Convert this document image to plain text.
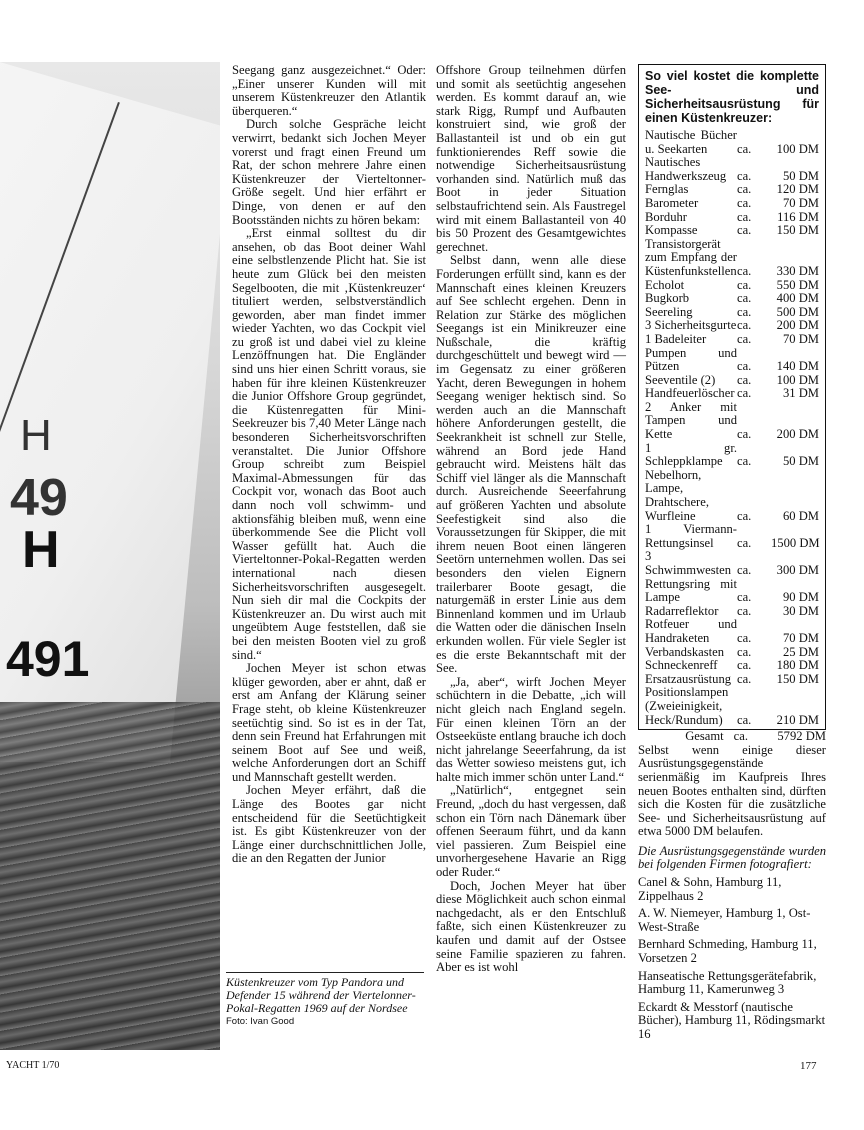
H
49
H
491

Seegang ganz ausgezeichnet.“ Oder: „Einer unserer Kunden will mit unserem Küstenkreuzer den Atlantik überqueren.“

Durch solche Gespräche leicht verwirrt, bedankt sich Jochen Meyer vorerst und fragt einen Freund um Rat, der schon mehrere Jahre einen Küstenkreuzer der Vierteltonner-Größe segelt. Und hier erfährt er Dinge, von denen er auf den Bootsständen nichts zu hören bekam:

„Erst einmal solltest du dir ansehen, ob das Boot deiner Wahl eine selbstlenzende Plicht hat. Sie ist heute zum Glück bei den meisten Segelbooten, die mit ‚Küstenkreuzer‘ tituliert werden, selbstverständlich geworden, aber man findet immer wieder Yachten, wo das Cockpit viel zu groß ist und dabei viel zu kleine Lenzöffnungen hat. Die Engländer sind uns hier einen Schritt voraus, sie haben für ihre kleinen Küstenkreuzer die Junior Offshore Group gegründet, die Küstenregatten für Mini-Seekreuzer bis 7,40 Meter Länge nach besonderen Sicherheitsvorschriften veranstaltet. Die Junior Offshore Group schreibt zum Beispiel Maximal-Abmessungen für das Cockpit vor, wonach das Boot auch dann noch voll schwimm- und aktionsfähig bleiben muß, wenn eine überkommende See die Plicht voll Wasser gefüllt hat. Auch die Vierteltonner-Pokal-Regatten werden international nach diesen Sicherheitsvorschriften ausgesegelt. Nun sieh dir mal die Cockpits der Küstenkreuzer an. Du wirst auch mit ungeübtem Auge feststellen, daß sie bei den meisten Booten viel zu groß sind.“

Jochen Meyer ist schon etwas klüger geworden, aber er ahnt, daß er erst am Anfang der Klärung seiner Frage steht, ob kleine Küstenkreuzer seetüchtig sind. So ist es in der Tat, denn sein Freund hat Erfahrungen mit seinem Boot auf See und weiß, welche Anforderungen dort an Schiff und Mannschaft gestellt werden.

Jochen Meyer erfährt, daß die Länge des Bootes gar nicht entscheidend für die Seetüchtigkeit ist. Es gibt Küstenkreuzer von der Länge einer durchschnittlichen Jolle, die an den Regatten der Junior

Küstenkreuzer vom Typ Pandora und Defender 15 während der Viertelonner-Pokal-Regatten 1969 auf der Nordsee
Foto: Ivan Good

Offshore Group teilnehmen dürfen und somit als seetüchtig angesehen werden. Es kommt darauf an, wie stark Rigg, Rumpf und Aufbauten konstruiert sind, wie groß der Ballastanteil ist und ob ein gut funktionierendes Reff sowie die notwendige Sicherheitsausrüstung vorhanden sind. Natürlich muß das Boot in jeder Situation selbstaufrichtend sein. Als Faustregel wird mit einem Ballastanteil von 40 bis 50 Prozent des Gesamtgewichtes gerechnet.

Selbst dann, wenn alle diese Forderungen erfüllt sind, kann es der Mannschaft eines kleinen Kreuzers auf See schlecht ergehen. Denn in Relation zur Stärke des möglichen Seegangs ist ein Minikreuzer eine Nußschale, die kräftig durchgeschüttelt und bewegt wird — im Gegensatz zu einer größeren Yacht, deren Bewegungen in hohem Seegang weniger hektisch sind. So werden auch an die Mannschaft höhere Anforderungen gestellt, die Seekrankheit ist schnell zur Stelle, während an Bord jede Hand gebraucht wird. Meistens hält das Schiff viel länger als die Mannschaft durch. Ausreichende Seeerfahrung auf größeren Yachten und absolute Seefestigkeit sind also die Voraussetzungen für Skipper, die mit ihrem neuen Boot einen längeren Seetörn unternehmen wollen. Das sei besonders den vielen Eignern trailerbarer Boote gesagt, die naturgemäß in erster Linie aus dem Binnenland kommen und im Urlaub die Watten oder die dänischen Inseln erkunden wollen. Für viele Segler ist es die erste Bekanntschaft mit der See.

„Ja, aber“, wirft Jochen Meyer schüchtern in die Debatte, „ich will nicht gleich nach England segeln. Für einen kleinen Törn an der Ostseeküste entlang brauche ich doch nicht jahrelange Seeerfahrung, da ist das Wetter sowieso meistens gut, ich halte mich immer schön unter Land.“

„Natürlich“, entgegnet sein Freund, „doch du hast vergessen, daß schon ein Törn nach Dänemark über offenen Seeraum führt, und da kann viel passieren. Zum Beispiel eine unvorhergesehene Havarie an Rigg oder Ruder.“

Doch, Jochen Meyer hat über diese Möglichkeit auch schon einmal nachgedacht, als er den Entschluß faßte, sich einen Küstenkreuzer zu kaufen und damit auf der Ostsee seine Familie spazieren zu fahren. Aber es ist wohl

So viel kostet die komplette See- und Sicherheitsausrüstung für einen Küstenkreuzer:
Nautische Bücher u. Seekarten	ca.	100 DM
Nautisches Handwerkszeug ca.	50 DM
Fernglas	ca.	120 DM
Barometer	ca.	70 DM
Borduhr	ca.	116 DM
Kompasse	ca.	150 DM
Transistorgerät zum Empfang der Küstenfunkstellen ca.	330 DM
Echolot	ca.	550 DM
Bugkorb	ca.	400 DM
Seereling	ca.	500 DM
3 Sicherheitsgurte ca.	200 DM
1 Badeleiter	ca.	70 DM
Pumpen und Pützen	ca.	140 DM
Seeventile (2)	ca.	100 DM
Handfeuerlöscher ca.	31 DM
2 Anker mit Tampen und Kette	ca.	200 DM
1 gr. Schleppklampe	ca.	50 DM
Nebelhorn, Lampe, Drahtschere, Wurfleine	ca.	60 DM
1 Viermann-Rettungsinsel	ca.	1500 DM
3 Schwimmwesten ca.	300 DM
Rettungsring mit Lampe	ca.	90 DM
Radarreflektor	ca.	30 DM
Rotfeuer und Handraketen	ca.	70 DM
Verbandskasten	ca.	25 DM
Schneckenreff	ca.	180 DM
Ersatzausrüstung ca.	150 DM
Positionslampen (Zweieinigkeit, Heck/Rundum)	ca.	210 DM
Gesamt ca.	5792 DM

Selbst wenn einige dieser Ausrüstungsgegenstände serienmäßig im Kaufpreis Ihres neuen Bootes enthalten sind, dürften sich die Kosten für die zusätzliche See- und Sicherheitsausrüstung auf etwa 5000 DM belaufen.

Die Ausrüstungsgegenstände wurden bei folgenden Firmen fotografiert:

Canel & Sohn, Hamburg 11, Zippelhaus 2

A. W. Niemeyer, Hamburg 1, Ost-West-Straße

Bernhard Schmeding, Hamburg 11, Vorsetzen 2

Hanseatische Rettungsgerätefabrik, Hamburg 11, Kamerunweg 3

Eckardt & Messtorf (nautische Bücher), Hamburg 11, Rödingsmarkt 16

YACHT 1/70	177
